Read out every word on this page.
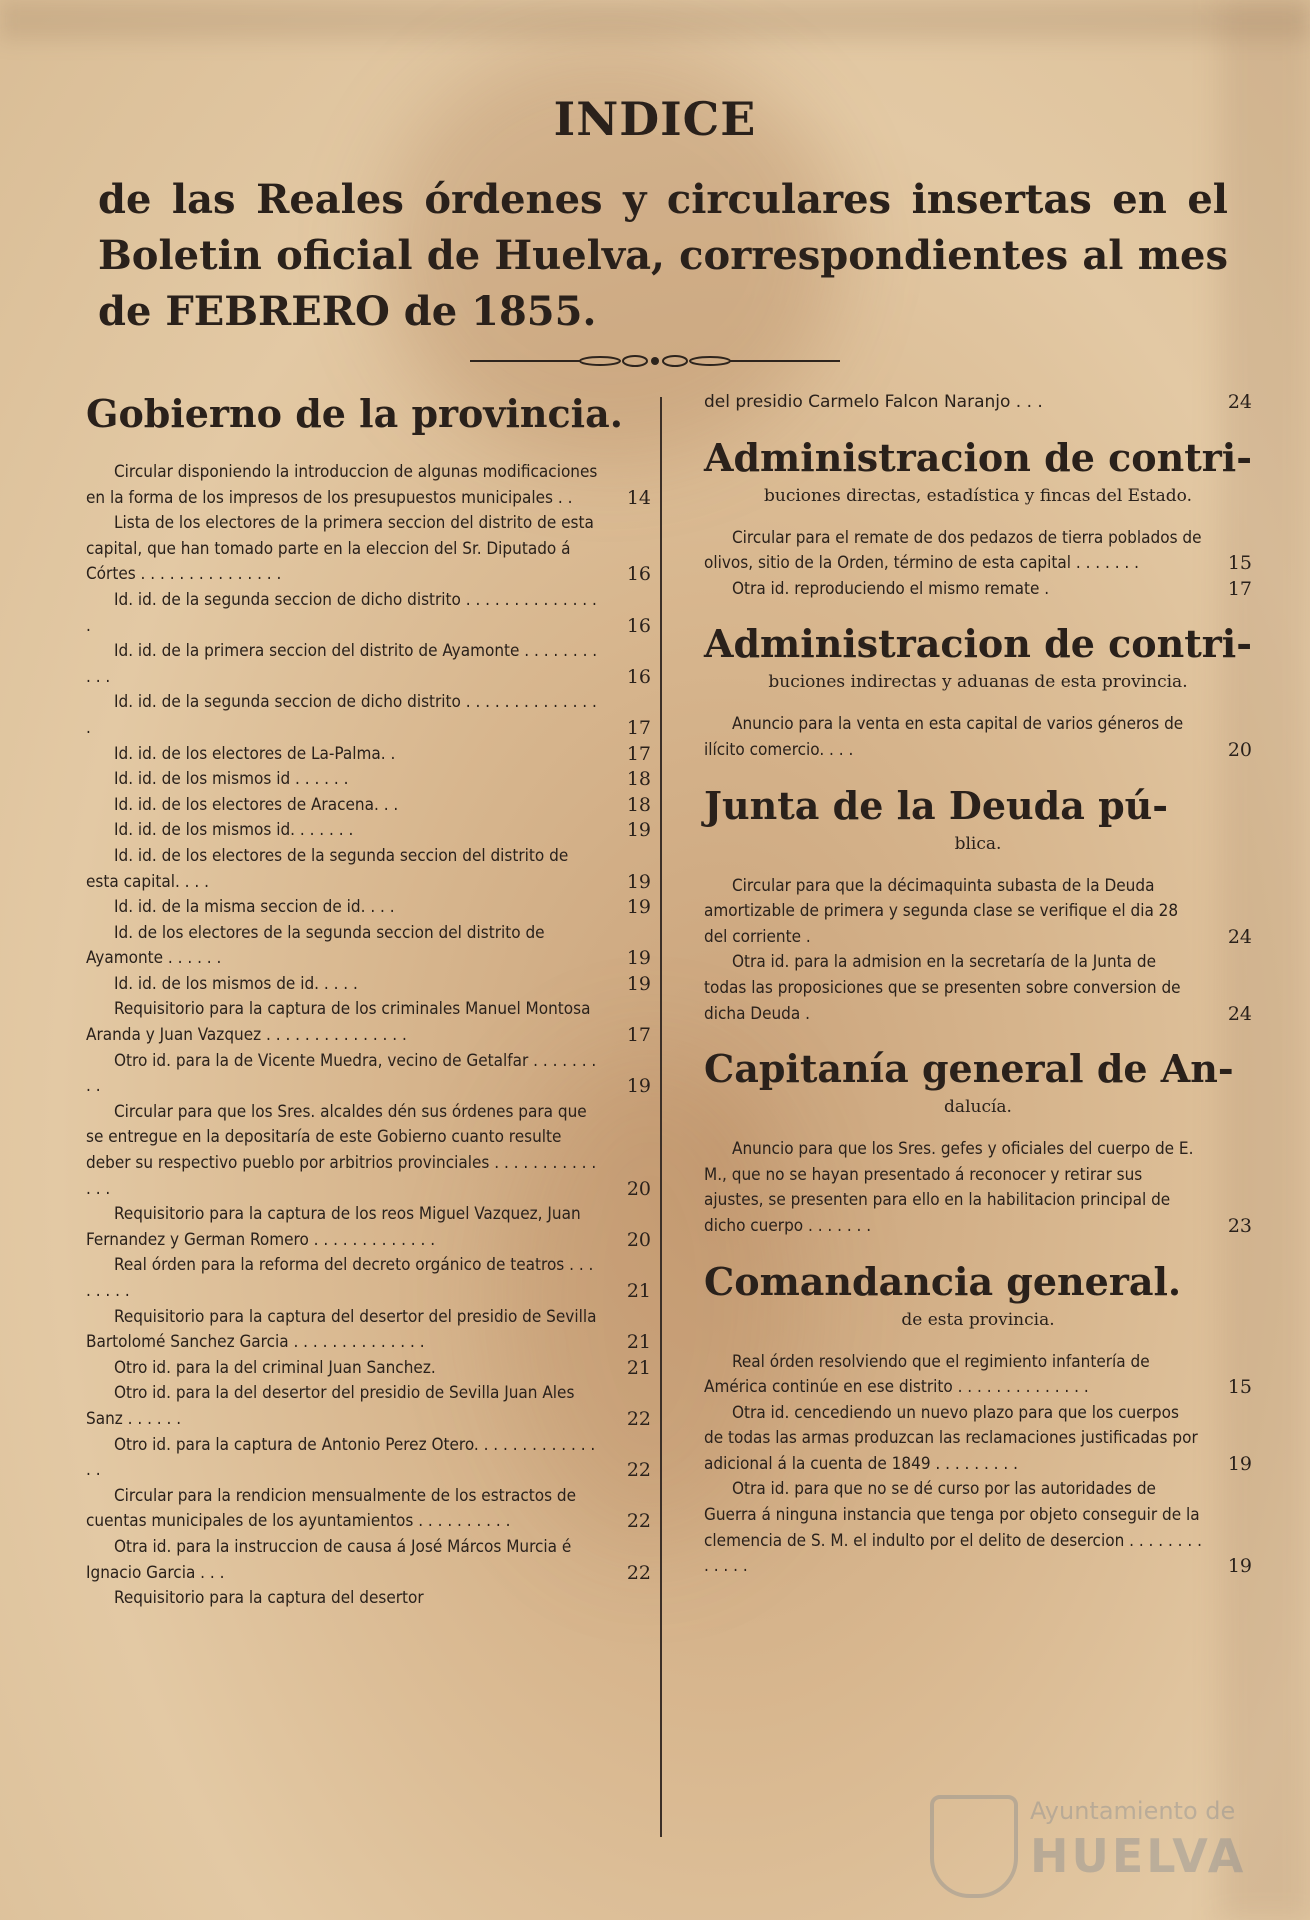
INDICE
de las Reales órdenes y circulares insertas en el Boletin oficial de Huelva, correspondientes al mes de FEBRERO de 1855.
Gobierno de la provincia.
Circular disponiendo la introduccion de algunas modificaciones en la forma de los impresos de los presupuestos municipales . .	14
Lista de los electores de la primera seccion del distrito de esta capital, que han tomado parte en la eleccion del Sr. Diputado á Córtes . . . . . . . . . . . . . . .	16
Id. id. de la segunda seccion de dicho distrito . . . . . . . . . . . . . . .	16
Id. id. de la primera seccion del distrito de Ayamonte . . . . . . . . . . .	16
Id. id. de la segunda seccion de dicho distrito . . . . . . . . . . . . . . .	17
Id. id. de los electores de La-Palma. .	17
Id. id. de los mismos id . . . . . .	18
Id. id. de los electores de Aracena. . .	18
Id. id. de los mismos id. . . . . . .	19
Id. id. de los electores de la segunda seccion del distrito de esta capital. . . .	19
Id. id. de la misma seccion de id. . . .	19
Id. de los electores de la segunda seccion del distrito de Ayamonte . . . . . .	19
Id. id. de los mismos de id. . . . .	19
Requisitorio para la captura de los criminales Manuel Montosa Aranda y Juan Vazquez . . . . . . . . . . . . . . .	17
Otro id. para la de Vicente Muedra, vecino de Getalfar . . . . . . . . .	19
Circular para que los Sres. alcaldes dén sus órdenes para que se entregue en la depositaría de este Gobierno cuanto resulte deber su respectivo pueblo por arbitrios provinciales . . . . . . . . . . . . . .	20
Requisitorio para la captura de los reos Miguel Vazquez, Juan Fernandez y German Romero . . . . . . . . . . . . .	20
Real órden para la reforma del decreto orgánico de teatros . . . . . . . .	21
Requisitorio para la captura del desertor del presidio de Sevilla Bartolomé Sanchez Garcia . . . . . . . . . . . . . .	21
Otro id. para la del criminal Juan Sanchez.	21
Otro id. para la del desertor del presidio de Sevilla Juan Ales Sanz . . . . . .	22
Otro id. para la captura de Antonio Perez Otero. . . . . . . . . . . . . . .	22
Circular para la rendicion mensualmente de los estractos de cuentas municipales de los ayuntamientos . . . . . . . . . .	22
Otra id. para la instruccion de causa á José Márcos Murcia é Ignacio Garcia . . .	22
Requisitorio para la captura del desertor
del presidio Carmelo Falcon Naranjo . . .	24
Administracion de contri-
buciones directas, estadística y fincas del Estado.
Circular para el remate de dos pedazos de tierra poblados de olivos, sitio de la Orden, término de esta capital . . . . . . .	15
Otra id. reproduciendo el mismo remate .	17
Administracion de contri-
buciones indirectas y aduanas de esta provincia.
Anuncio para la venta en esta capital de varios géneros de ilícito comercio. . . .	20
Junta de la Deuda pú-
blica.
Circular para que la décimaquinta subasta de la Deuda amortizable de primera y segunda clase se verifique el dia 28 del corriente .	24
Otra id. para la admision en la secretaría de la Junta de todas las proposiciones que se presenten sobre conversion de dicha Deuda .	24
Capitanía general de An-
dalucía.
Anuncio para que los Sres. gefes y oficiales del cuerpo de E. M., que no se hayan presentado á reconocer y retirar sus ajustes, se presenten para ello en la habilitacion principal de dicho cuerpo . . . . . . .	23
Comandancia general.
de esta provincia.
Real órden resolviendo que el regimiento infantería de América continúe en ese distrito . . . . . . . . . . . . . .	15
Otra id. cencediendo un nuevo plazo para que los cuerpos de todas las armas produzcan las reclamaciones justificadas por adicional á la cuenta de 1849 . . . . . . . . .	19
Otra id. para que no se dé curso por las autoridades de Guerra á ninguna instancia que tenga por objeto conseguir de la clemencia de S. M. el indulto por el delito de desercion . . . . . . . . . . . . .	19
Ayuntamiento de
HUELVA
